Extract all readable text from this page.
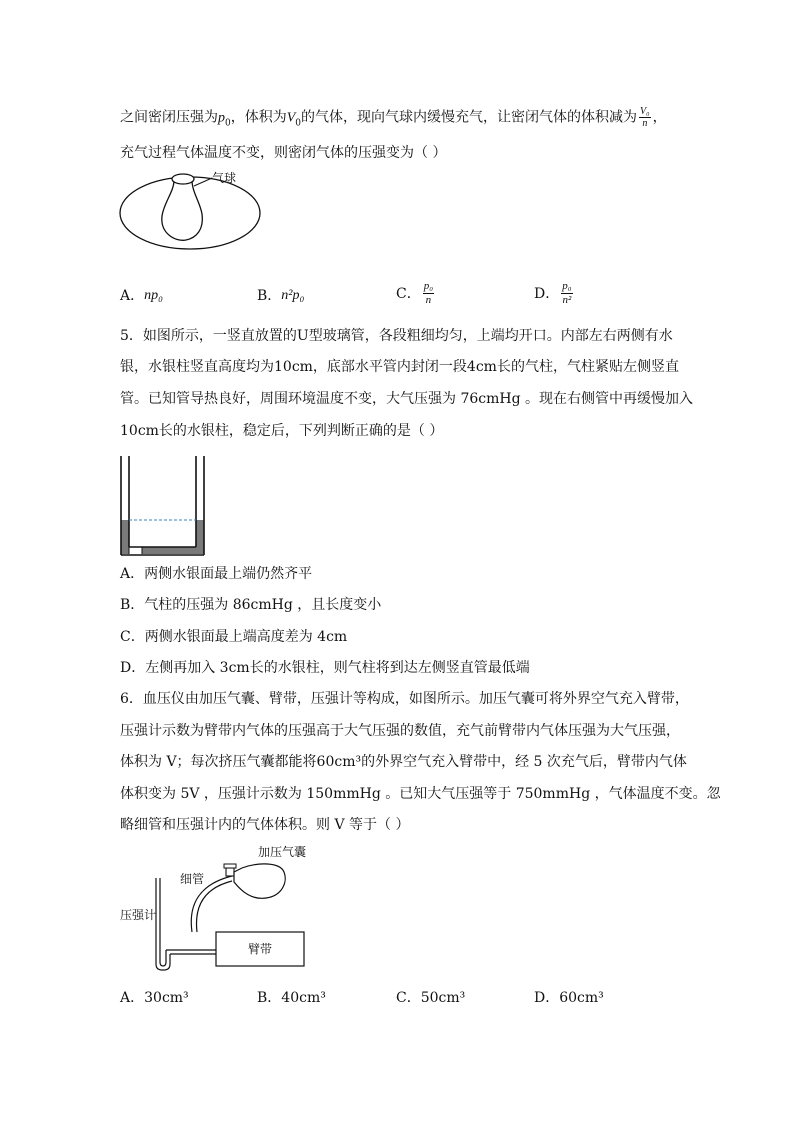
之间密闭压强为$p_0$，体积为$V_0$的气体，现向气球内缓慢充气，让密闭气体的体积减为 $\frac{\text{V₀}}{n}$ ，
充气过程气体温度不变，则密闭气体的压强变为（ ）
气球
A． np₀	B． n²p₀	C． $\frac{\text{p₀}}{n}$	D． $\frac{\text{p₀}}{\text{n²}}$
5．如图所示，一竖直放置的U型玻璃管，各段粗细均匀，上端均开口。内部左右两侧有水
银，水银柱竖直高度均为10cm，底部水平管内封闭一段4cm长的气柱，气柱紧贴左侧竖直
管。已知管导热良好，周围环境温度不变，大气压强为 76cmHg 。现在右侧管中再缓慢加入
10cm长的水银柱，稳定后，下列判断正确的是（ ）
A．两侧水银面最上端仍然齐平
B．气柱的压强为 86cmHg ，且长度变小
C．两侧水银面最上端高度差为 4cm
D．左侧再加入 3cm长的水银柱，则气柱将到达左侧竖直管最低端
6．血压仪由加压气囊、臂带，压强计等构成，如图所示。加压气囊可将外界空气充入臂带，
压强计示数为臂带内气体的压强高于大气压强的数值，充气前臂带内气体压强为大气压强，
体积为 V；每次挤压气囊都能将60cm³的外界空气充入臂带中，经 5 次充气后，臂带内气体
体积变为 5V ，压强计示数为 150mmHg 。已知大气压强等于 750mmHg ，气体温度不变。忽
略细管和压强计内的气体体积。则 V 等于（ ）
臂带
加压气囊
细管
压强计
A． 30cm³	B． 40cm³	C． 50cm³	D． 60cm³
